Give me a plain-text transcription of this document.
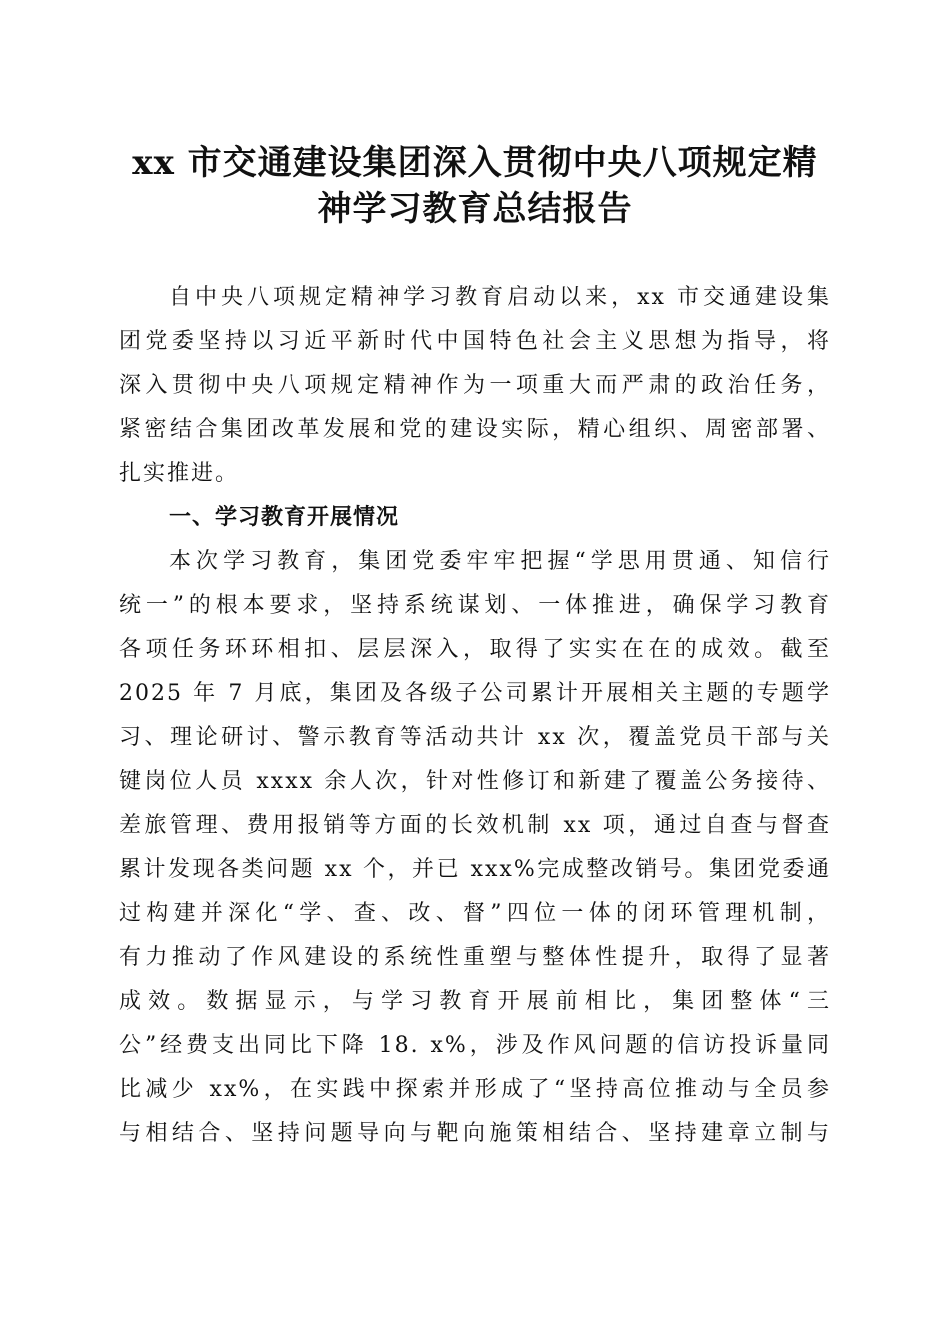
xx 市交通建设集团深入贯彻中央八项规定精
神学习教育总结报告
自中央八项规定精神学习教育启动以来，xx 市交通建设集
团党委坚持以习近平新时代中国特色社会主义思想为指导，将
深入贯彻中央八项规定精神作为一项重大而严肃的政治任务，
紧密结合集团改革发展和党的建设实际，精心组织、周密部署、
扎实推进。
一、学习教育开展情况
本次学习教育，集团党委牢牢把握“学思用贯通、知信行
统一”的根本要求，坚持系统谋划、一体推进，确保学习教育
各项任务环环相扣、层层深入，取得了实实在在的成效。截至
2025 年 7 月底，集团及各级子公司累计开展相关主题的专题学
习、理论研讨、警示教育等活动共计 xx 次，覆盖党员干部与关
键岗位人员 xxxx 余人次，针对性修订和新建了覆盖公务接待、
差旅管理、费用报销等方面的长效机制 xx 项，通过自查与督查
累计发现各类问题 xx 个，并已 xxx%完成整改销号。集团党委通
过构建并深化“学、查、改、督”四位一体的闭环管理机制，
有力推动了作风建设的系统性重塑与整体性提升，取得了显著
成效。数据显示，与学习教育开展前相比，集团整体“三
公”经费支出同比下降 18. x%，涉及作风问题的信访投诉量同
比减少 xx%，在实践中探索并形成了“坚持高位推动与全员参
与相结合、坚持问题导向与靶向施策相结合、坚持建章立制与
